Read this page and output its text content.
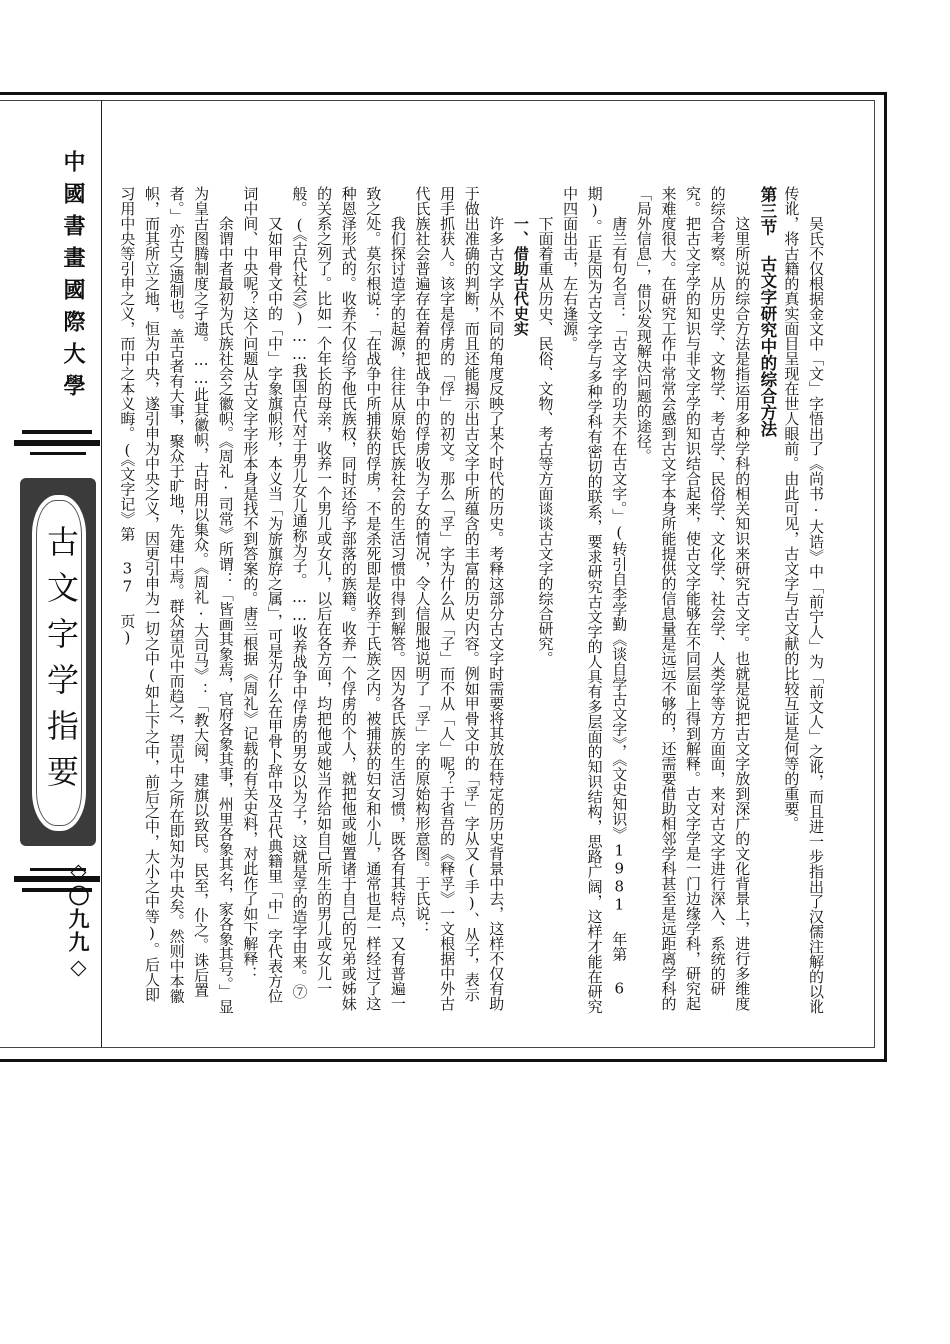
中國書畫國際大學
古文字学指要
◇〇九九◇	吴氏不仅根据金文中「文」字悟出了《尚书·大诰》中「前宁人」为「前文人」之讹，而且进一步指出了汉儒注解的以讹传讹，将古籍的真实面目呈现在世人眼前。由此可见，古文字与古文献的比较互证是何等的重要。

第三节古文字研究中的综合方法

这里所说的综合方法是指运用多种学科的相关知识来研究古文字。也就是说把古文字放到深广的文化背景上，进行多维度的综合考察。从历史学、文物学、考古学、民俗学、文化学、社会学、人类学等方方面面，来对古文字进行深入、系统的研究。把古文字学的知识与非文字学的知识结合起来，使古文字能够在不同层面上得到解释。古文字学是一门边缘学科，研究起来难度很大。在研究工作中常常会感到古文字本身所能提供的信息量是远远不够的，还需要借助相邻学科甚至是远距离学科的「局外信息」，借以发现解决问题的途径。

唐兰有句名言：「古文字的功夫不在古文字。」(转引自李学勤《谈自学古文字》，《文史知识》1981 年第 6 期)。正是因为古文字学与多种学科有密切的联系，要求研究古文字的人具有多层面的知识结构，思路广阔，这样才能在研究中四面出击，左右逢源。

下面着重从历史、民俗、文物、考古等方面谈谈古文字的综合研究。

一、借助古代史实

许多古文字从不同的角度反映了某个时代的历史。考释这部分古文字时需要将其放在特定的历史背景中去，这样不仅有助于做出准确的判断，而且还能揭示出古文字中所蕴含的丰富的历史内容。例如甲骨文中的「孚」字从又(手)、从子，表示用手抓获人。该字是俘虏的「俘」的初文。那么「孚」字为什么从「子」而不从「人」呢？于省吾的《释孚》一文根据中外古代氏族社会普遍存在着的把战争中的俘虏收为子女的情况，令人信服地说明了「孚」字的原始构形意图。于氏说：

我们探讨造字的起源，往往从原始氏族社会的生活习惯中得到解答。因为各氏族的生活习惯，既各有其特点，又有普遍一致之处。莫尔根说：「在战争中所捕获的俘虏，不是杀死即是收养于氏族之内。被捕获的妇女和小儿，通常也是一样经过了这种恩泽形式的。收养不仅给予他氏族权，同时还给予部落的族籍。收养一个俘虏的个人，就把他或她置诸于自己的兄弟或姊妹的关系之列了。比如一个年长的母亲，收养一个男儿或女儿，以后在各方面，均把他或她当作给如自己所生的男儿或女儿一般。(《古代社会》)……我国古代对于男儿女儿通称为子。……收养战争中俘虏的男女以为子，这就是孚的造字由来。⑦

又如甲骨文中的「中」字象旗帜形，本义当「为旂旗斿之属」，可是为什么在甲骨卜辞中及古代典籍里「中」字代表方位词中间、中央呢？这个问题从古文字字形本身是找不到答案的。唐兰根据《周礼》记载的有关史料，对此作了如下解释：

余谓中者最初为氏族社会之徽帜。《周礼·司常》所谓：「皆画其象焉，官府各象其事，州里各象其名，家各象其号。」显为皇古图腾制度之孑遗。……此其徽帜，古时用以集众。《周礼·大司马》：「教大阅，建旗以致民。民至，仆之。诛后置者。」亦古之遗制也。盖古者有大事，聚众于旷地，先建中焉。群众望见中而趋之，望见中之所在即知为中央矣。然则中本徽帜，而其所立之地，恒为中央，遂引申为中央之义，因更引申为一切之中(如上下之中，前后之中，大小之中等)。后人即习用中央等引申之义，而中之本义晦。(《文字记》第 37 页)
